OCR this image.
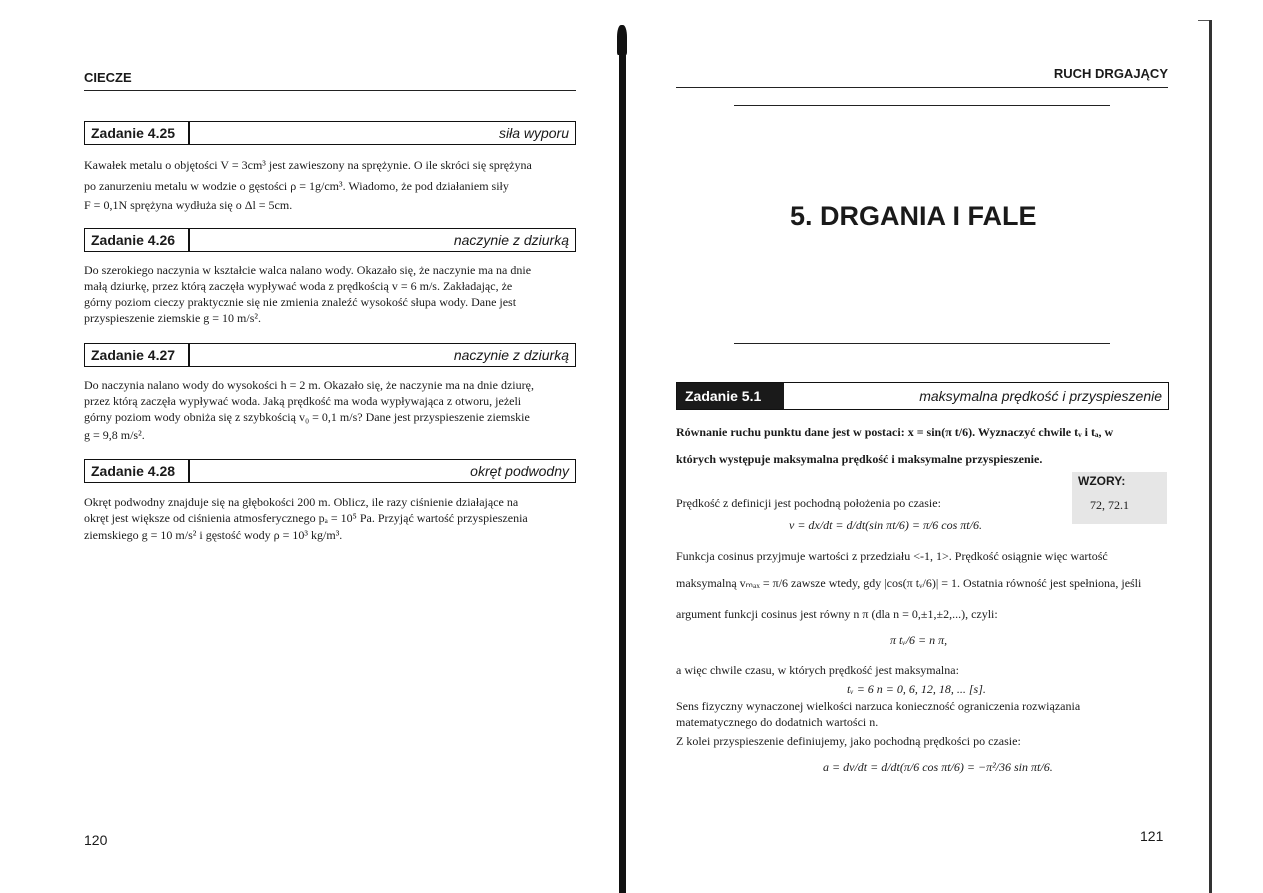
CIECZE
Zadanie 4.25	siła wyporu
Kawałek metalu o objętości V = 3cm³ jest zawieszony na sprężynie. O ile skróci się sprężyna
po zanurzeniu metalu w wodzie o gęstości ρ = 1g/cm³. Wiadomo, że pod działaniem siły
F = 0,1N sprężyna wydłuża się o Δl = 5cm.
Zadanie 4.26	naczynie z dziurką
Do szerokiego naczynia w kształcie walca nalano wody. Okazało się, że naczynie ma na dnie
małą dziurkę, przez którą zaczęła wypływać woda z prędkością v = 6 m/s. Zakładając, że
górny poziom cieczy praktycznie się nie zmienia znaleźć wysokość słupa wody. Dane jest
przyspieszenie ziemskie g = 10 m/s².
Zadanie 4.27	naczynie z dziurką
Do naczynia nalano wody do wysokości h = 2 m. Okazało się, że naczynie ma na dnie dziurę,
przez którą zaczęła wypływać woda. Jaką prędkość ma woda wypływająca z otworu, jeżeli
górny poziom wody obniża się z szybkością v₀ = 0,1 m/s? Dane jest przyspieszenie ziemskie
g = 9,8 m/s².
Zadanie 4.28	okręt podwodny
Okręt podwodny znajduje się na głębokości 200 m. Oblicz, ile razy ciśnienie działające na
okręt jest większe od ciśnienia atmosferycznego pₐ = 10⁵ Pa. Przyjąć wartość przyspieszenia
ziemskiego g = 10 m/s² i gęstość wody ρ = 10³ kg/m³.
120
RUCH DRGAJĄCY
5. DRGANIA I FALE
Zadanie 5.1	maksymalna prędkość i przyspieszenie
Równanie ruchu punktu dane jest w postaci: x = sin(π t/6). Wyznaczyć chwile tᵥ i tₐ, w
których występuje maksymalna prędkość i maksymalne przyspieszenie.
WZORY:
72, 72.1
Prędkość z definicji jest pochodną położenia po czasie:
v = dx/dt = d/dt(sin πt/6) = π/6 cos πt/6.
Funkcja cosinus przyjmuje wartości z przedziału <-1, 1>. Prędkość osiągnie więc wartość
maksymalną vₘₐₓ = π/6 zawsze wtedy, gdy |cos(π tᵥ/6)| = 1. Ostatnia równość jest spełniona, jeśli
argument funkcji cosinus jest równy n π (dla n = 0,±1,±2,...), czyli:
π tᵥ/6 = n π,
a więc chwile czasu, w których prędkość jest maksymalna:
tᵥ = 6 n = 0, 6, 12, 18, ... [s].
Sens fizyczny wynaczonej wielkości narzuca konieczność ograniczenia rozwiązania
matematycznego do dodatnich wartości n.
Z kolei przyspieszenie definiujemy, jako pochodną prędkości po czasie:
a = dv/dt = d/dt(π/6 cos πt/6) = −π²/36 sin πt/6.
121
